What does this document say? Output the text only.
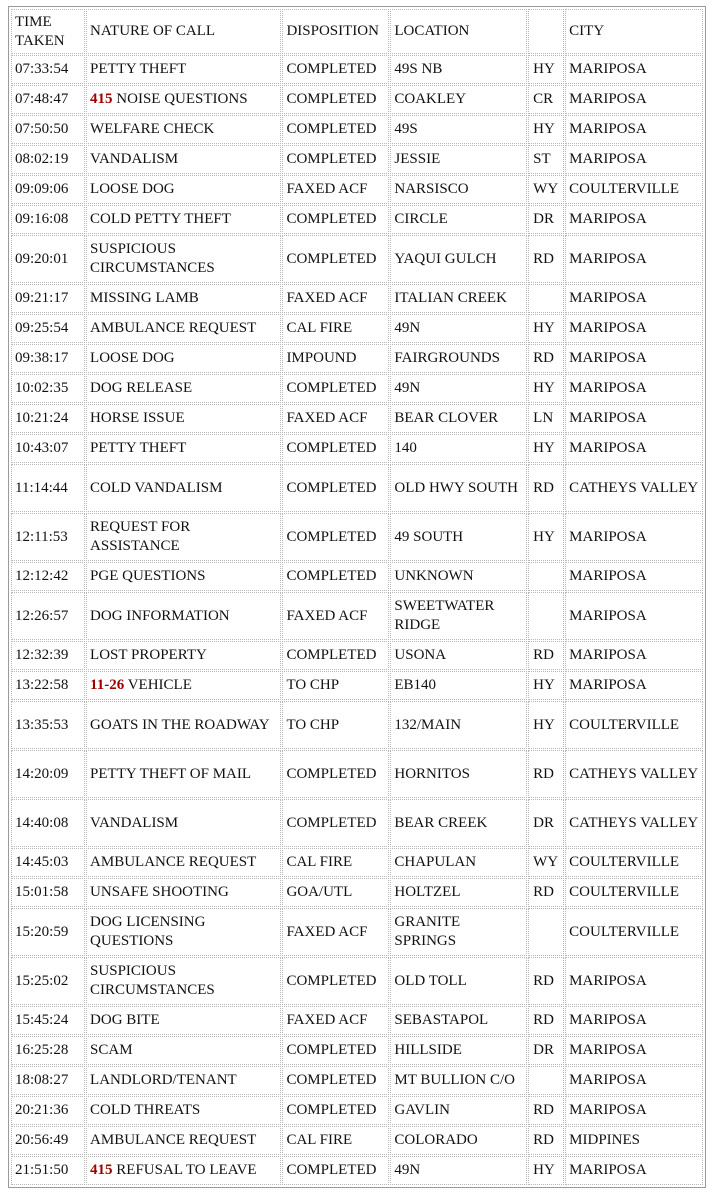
TIME TAKEN	NATURE OF CALL	DISPOSITION	LOCATION		CITY
07:33:54	PETTY THEFT	COMPLETED	49S NB	HY	MARIPOSA
07:48:47	415 NOISE QUESTIONS	COMPLETED	COAKLEY	CR	MARIPOSA
07:50:50	WELFARE CHECK	COMPLETED	49S	HY	MARIPOSA
08:02:19	VANDALISM	COMPLETED	JESSIE	ST	MARIPOSA
09:09:06	LOOSE DOG	FAXED ACF	NARSISCO	WY	COULTERVILLE
09:16:08	COLD PETTY THEFT	COMPLETED	CIRCLE	DR	MARIPOSA
09:20:01	SUSPICIOUS CIRCUMSTANCES	COMPLETED	YAQUI GULCH	RD	MARIPOSA
09:21:17	MISSING LAMB	FAXED ACF	ITALIAN CREEK		MARIPOSA
09:25:54	AMBULANCE REQUEST	CAL FIRE	49N	HY	MARIPOSA
09:38:17	LOOSE DOG	IMPOUND	FAIRGROUNDS	RD	MARIPOSA
10:02:35	DOG RELEASE	COMPLETED	49N	HY	MARIPOSA
10:21:24	HORSE ISSUE	FAXED ACF	BEAR CLOVER	LN	MARIPOSA
10:43:07	PETTY THEFT	COMPLETED	140	HY	MARIPOSA
11:14:44	COLD VANDALISM	COMPLETED	OLD HWY SOUTH	RD	CATHEYS VALLEY
12:11:53	REQUEST FOR ASSISTANCE	COMPLETED	49 SOUTH	HY	MARIPOSA
12:12:42	PGE QUESTIONS	COMPLETED	UNKNOWN		MARIPOSA
12:26:57	DOG INFORMATION	FAXED ACF	SWEETWATER RIDGE		MARIPOSA
12:32:39	LOST PROPERTY	COMPLETED	USONA	RD	MARIPOSA
13:22:58	11-26 VEHICLE	TO CHP	EB140	HY	MARIPOSA
13:35:53	GOATS IN THE ROADWAY	TO CHP	132/MAIN	HY	COULTERVILLE
14:20:09	PETTY THEFT OF MAIL	COMPLETED	HORNITOS	RD	CATHEYS VALLEY
14:40:08	VANDALISM	COMPLETED	BEAR CREEK	DR	CATHEYS VALLEY
14:45:03	AMBULANCE REQUEST	CAL FIRE	CHAPULAN	WY	COULTERVILLE
15:01:58	UNSAFE SHOOTING	GOA/UTL	HOLTZEL	RD	COULTERVILLE
15:20:59	DOG LICENSING QUESTIONS	FAXED ACF	GRANITE SPRINGS		COULTERVILLE
15:25:02	SUSPICIOUS CIRCUMSTANCES	COMPLETED	OLD TOLL	RD	MARIPOSA
15:45:24	DOG BITE	FAXED ACF	SEBASTAPOL	RD	MARIPOSA
16:25:28	SCAM	COMPLETED	HILLSIDE	DR	MARIPOSA
18:08:27	LANDLORD/TENANT	COMPLETED	MT BULLION C/O		MARIPOSA
20:21:36	COLD THREATS	COMPLETED	GAVLIN	RD	MARIPOSA
20:56:49	AMBULANCE REQUEST	CAL FIRE	COLORADO	RD	MIDPINES
21:51:50	415 REFUSAL TO LEAVE	COMPLETED	49N	HY	MARIPOSA
